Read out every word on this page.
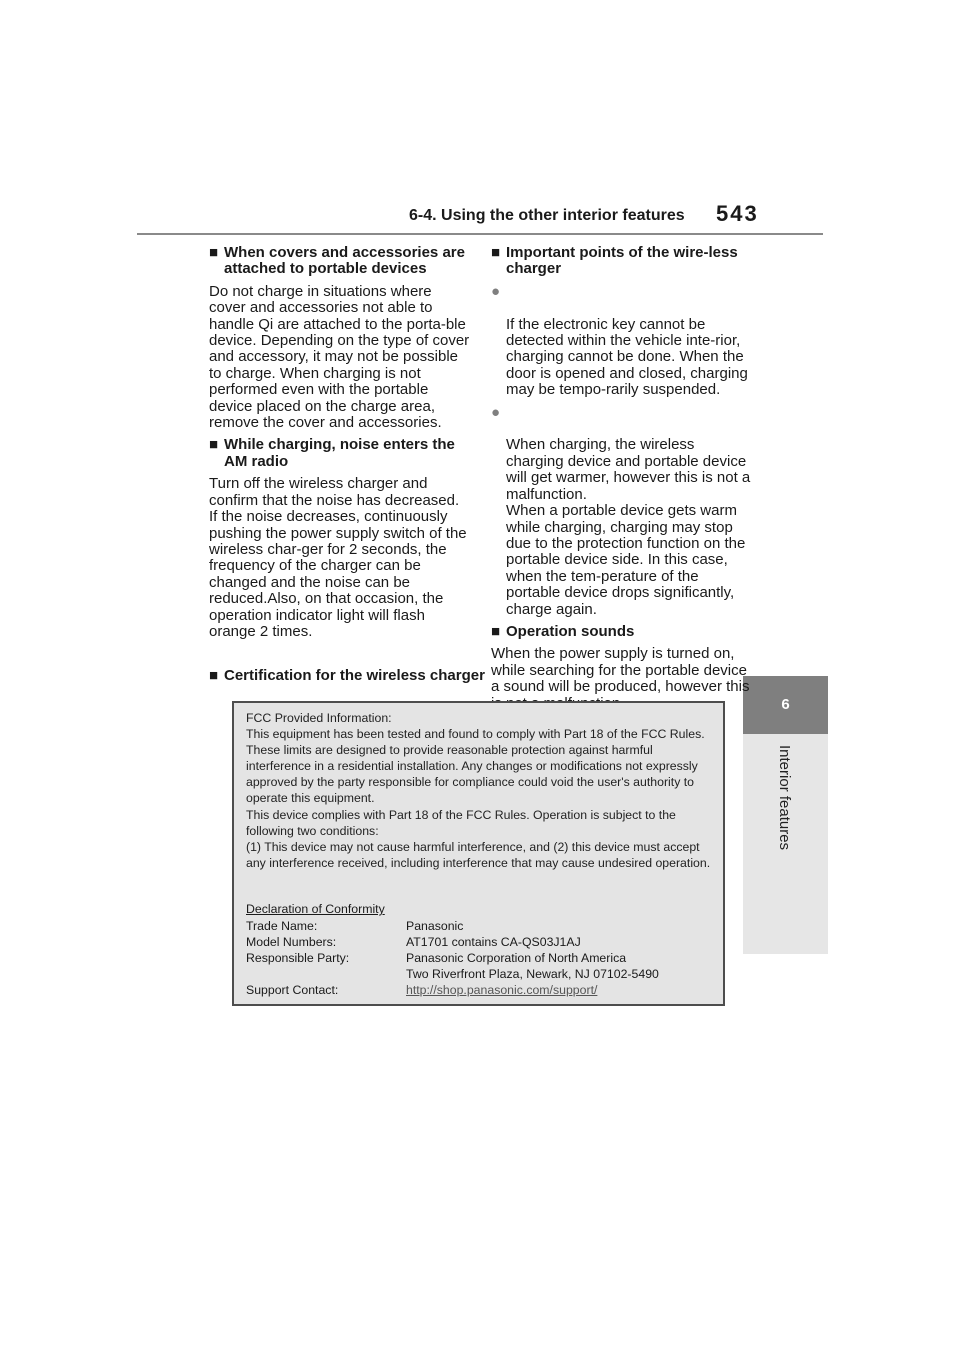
6-4. Using the other interior features 543
6
Interior features
■ When covers and accessories are attached to portable devices

Do not charge in situations where cover and accessories not able to handle Qi are attached to the porta-ble device. Depending on the type of cover and accessory, it may not be possible to charge. When charging is not performed even with the portable device placed on the charge area, remove the cover and accessories.

■ While charging, noise enters the AM radio

Turn off the wireless charger and confirm that the noise has decreased. If the noise decreases, continuously pushing the power supply switch of the wireless char-ger for 2 seconds, the frequency of the charger can be changed and the noise can be reduced.Also, on that occasion, the operation indicator light will flash orange 2 times.

■ Important points of the wire-less charger

●

If the electronic key cannot be detected within the vehicle inte-rior, charging cannot be done. When the door is opened and closed, charging may be tempo-rarily suspended.

●

When charging, the wireless charging device and portable device will get warmer, however this is not a malfunction.
When a portable device gets warm while charging, charging may stop due to the protection function on the portable device side. In this case, when the tem-perature of the portable device drops significantly, charge again.

■ Operation sounds

When the power supply is turned on, while searching for the portable device a sound will be produced, however this

■ Certification for the wireless charger
FCC Provided Information:
This equipment has been tested and found to comply with Part 18 of the FCC Rules. These limits are designed to provide reasonable protection against harmful interference in a residential installation. Any changes or modifications not expressly approved by the party responsible for compliance could void the user's authority to operate this equipment.
This device complies with Part 18 of the FCC Rules. Operation is subject to the following two conditions:
(1) This device may not cause harmful interference, and (2) this device must accept any interference received, including interference that may cause undesired operation.
Declaration of Conformity
Trade Name:	Panasonic
Model Numbers:	AT1701 contains CA-QS03J1AJ
Responsible Party:	Panasonic Corporation of North America
Two Riverfront Plaza, Newark, NJ 07102-5490
Support Contact:	http://shop.panasonic.com/support/
